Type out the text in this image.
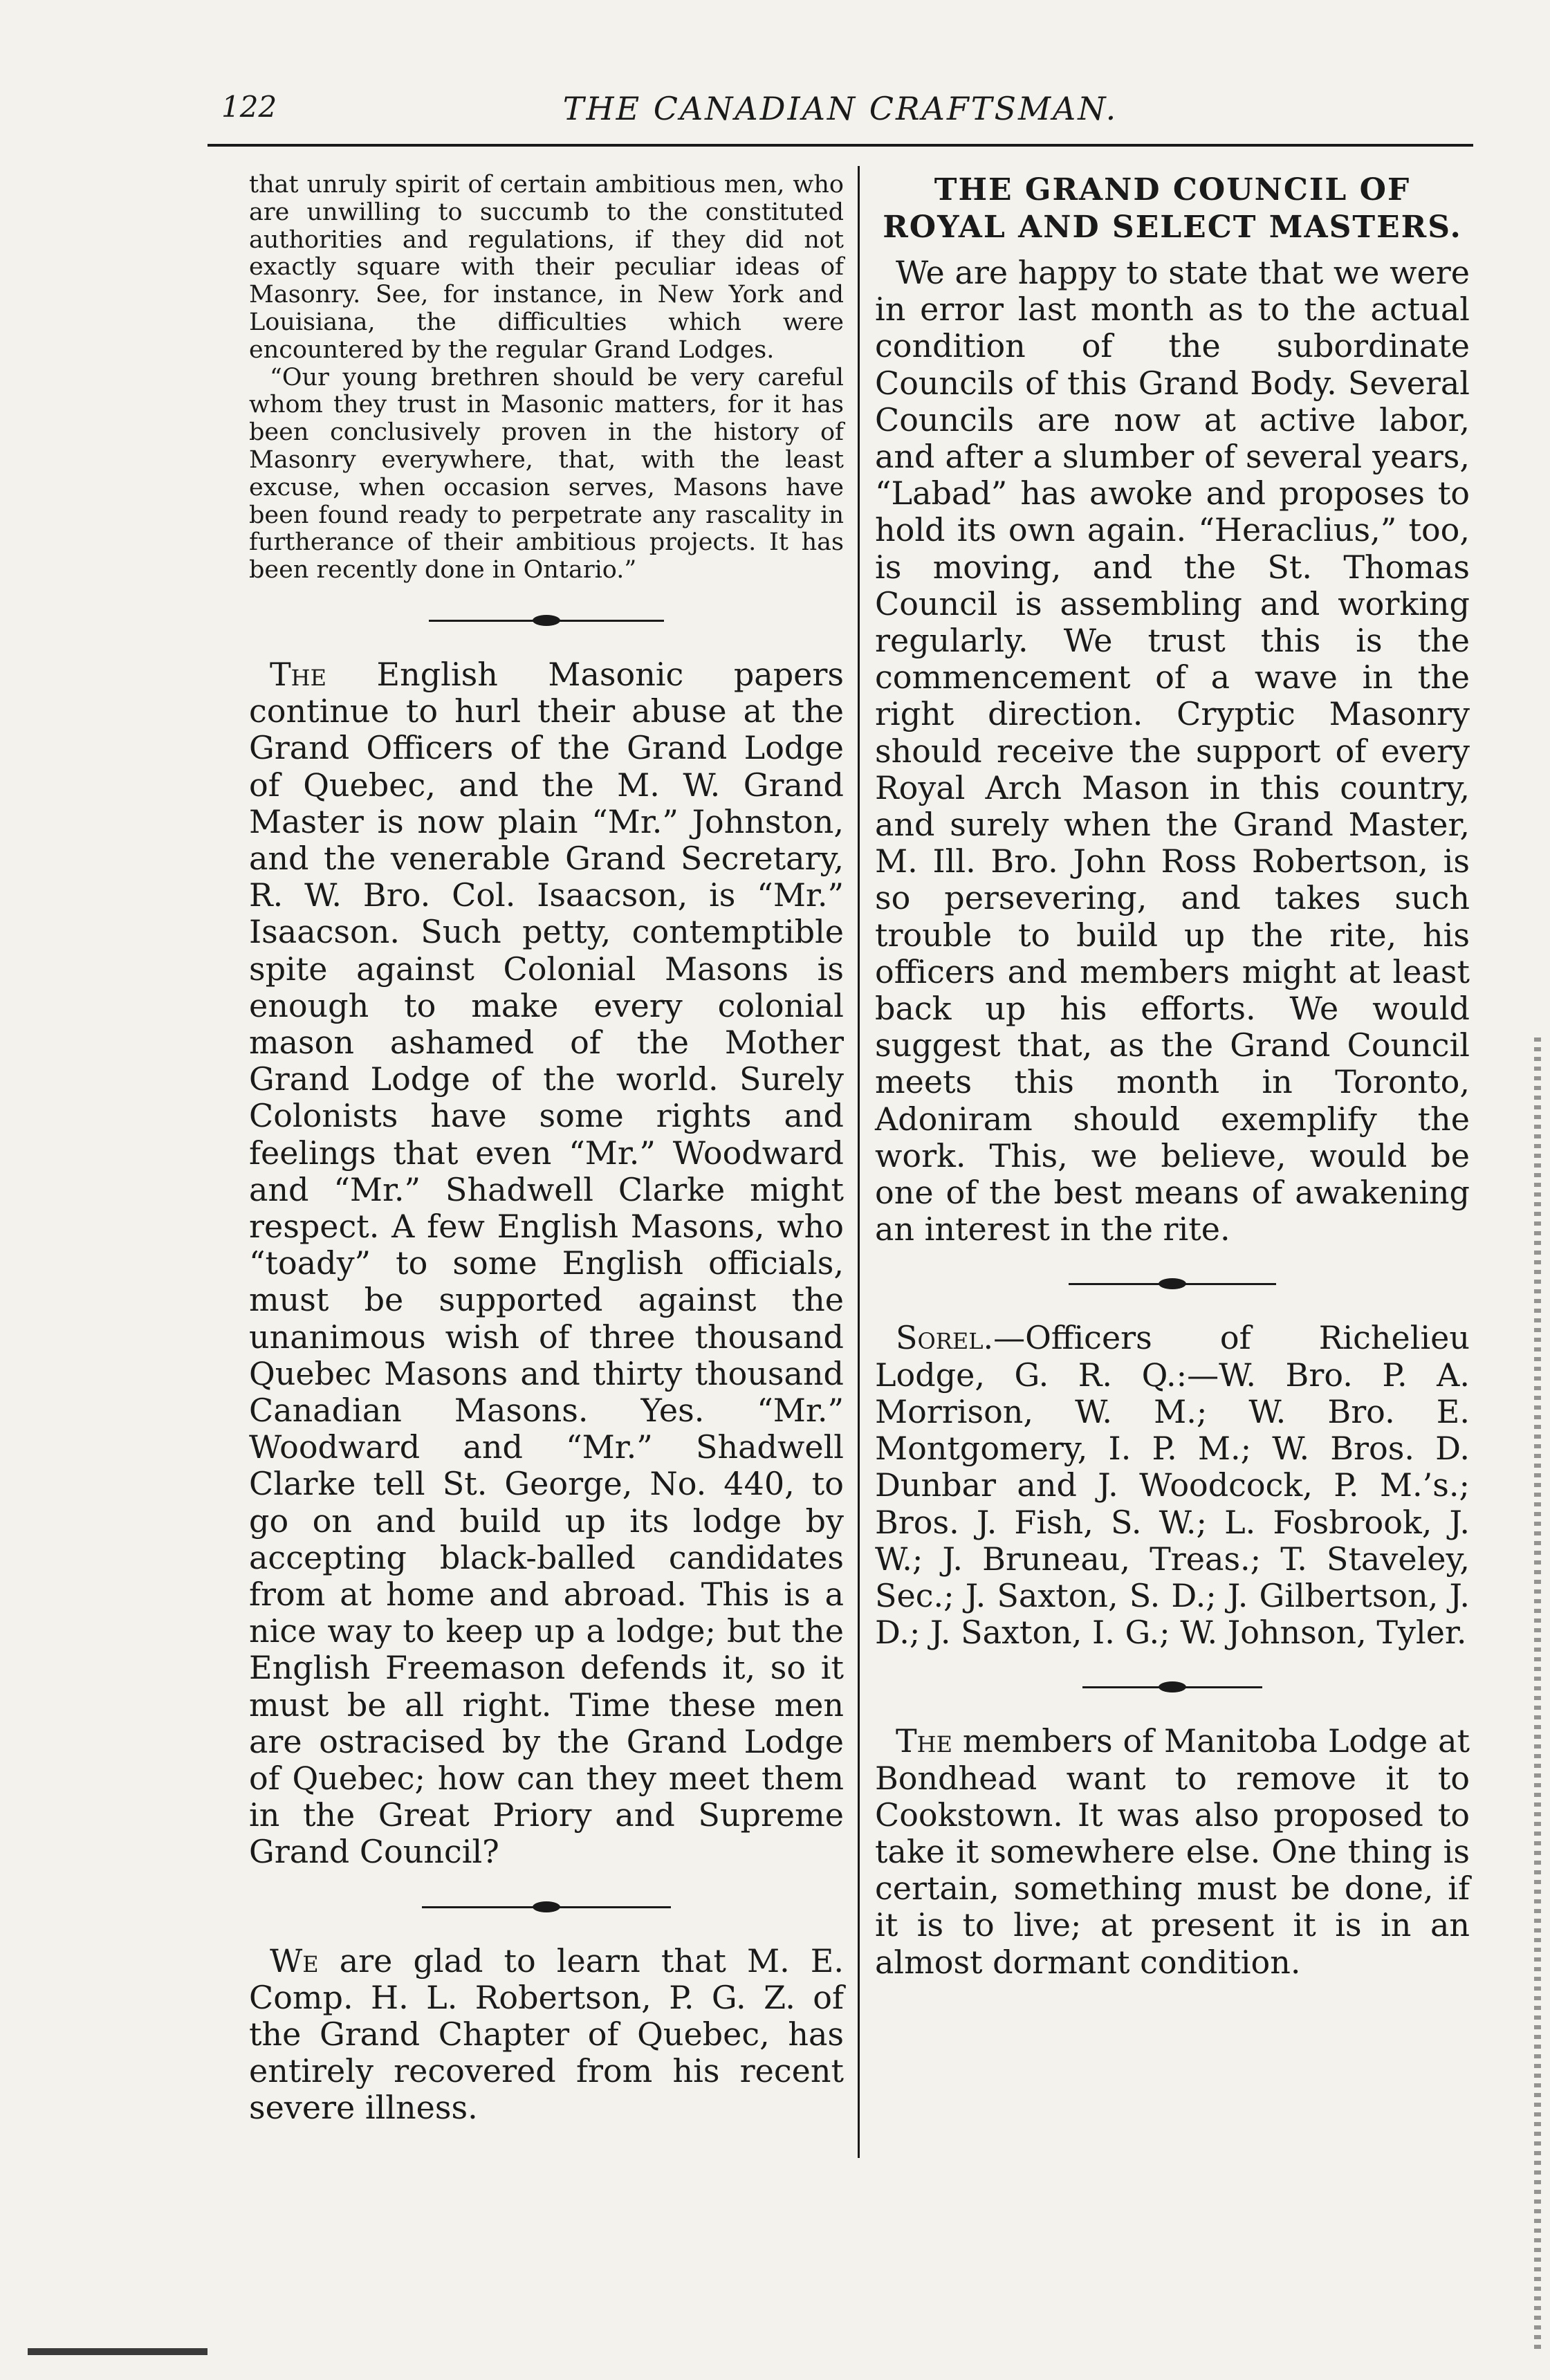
122	THE CANADIAN CRAFTSMAN.

that unruly spirit of certain ambitious men, who are unwilling to succumb to the constituted authorities and regulations, if they did not exactly square with their peculiar ideas of Masonry. See, for instance, in New York and Louisiana, the difficulties which were encountered by the regular Grand Lodges.

“Our young brethren should be very careful whom they trust in Masonic matters, for it has been conclusively proven in the history of Masonry everywhere, that, with the least excuse, when occasion serves, Masons have been found ready to perpetrate any rascality in furtherance of their ambitious projects. It has been recently done in Ontario.”

The English Masonic papers continue to hurl their abuse at the Grand Officers of the Grand Lodge of Quebec, and the M. W. Grand Master is now plain “Mr.” Johnston, and the venerable Grand Secretary, R. W. Bro. Col. Isaacson, is “Mr.” Isaacson. Such petty, contemptible spite against Colonial Masons is enough to make every colonial mason ashamed of the Mother Grand Lodge of the world. Surely Colonists have some rights and feelings that even “Mr.” Woodward and “Mr.” Shadwell Clarke might respect. A few English Masons, who “toady” to some English officials, must be supported against the unanimous wish of three thousand Quebec Masons and thirty thousand Canadian Masons. Yes. “Mr.” Woodward and “Mr.” Shadwell Clarke tell St. George, No. 440, to go on and build up its lodge by accepting black-balled candidates from at home and abroad. This is a nice way to keep up a lodge; but the English Freemason defends it, so it must be all right. Time these men are ostracised by the Grand Lodge of Quebec; how can they meet them in the Great Priory and Supreme Grand Council?

We are glad to learn that M. E. Comp. H. L. Robertson, P. G. Z. of the Grand Chapter of Quebec, has entirely recovered from his recent severe illness.

THE GRAND COUNCIL OF ROYAL AND SELECT MASTERS.

We are happy to state that we were in error last month as to the actual condition of the subordinate Councils of this Grand Body. Several Councils are now at active labor, and after a slumber of several years, “Labad” has awoke and proposes to hold its own again. “Heraclius,” too, is moving, and the St. Thomas Council is assembling and working regularly. We trust this is the commencement of a wave in the right direction. Cryptic Masonry should receive the support of every Royal Arch Mason in this country, and surely when the Grand Master, M. Ill. Bro. John Ross Robertson, is so persevering, and takes such trouble to build up the rite, his officers and members might at least back up his efforts. We would suggest that, as the Grand Council meets this month in Toronto, Adoniram should exemplify the work. This, we believe, would be one of the best means of awakening an interest in the rite.

Sorel.—Officers of Richelieu Lodge, G. R. Q.:—W. Bro. P. A. Morrison, W. M.; W. Bro. E. Montgomery, I. P. M.; W. Bros. D. Dunbar and J. Woodcock, P. M.’s.; Bros. J. Fish, S. W.; L. Fosbrook, J. W.; J. Bruneau, Treas.; T. Staveley, Sec.; J. Saxton, S. D.; J. Gilbertson, J. D.; J. Saxton, I. G.; W. Johnson, Tyler.

The members of Manitoba Lodge at Bondhead want to remove it to Cookstown. It was also proposed to take it somewhere else. One thing is certain, something must be done, if it is to live; at present it is in an almost dormant condition.
